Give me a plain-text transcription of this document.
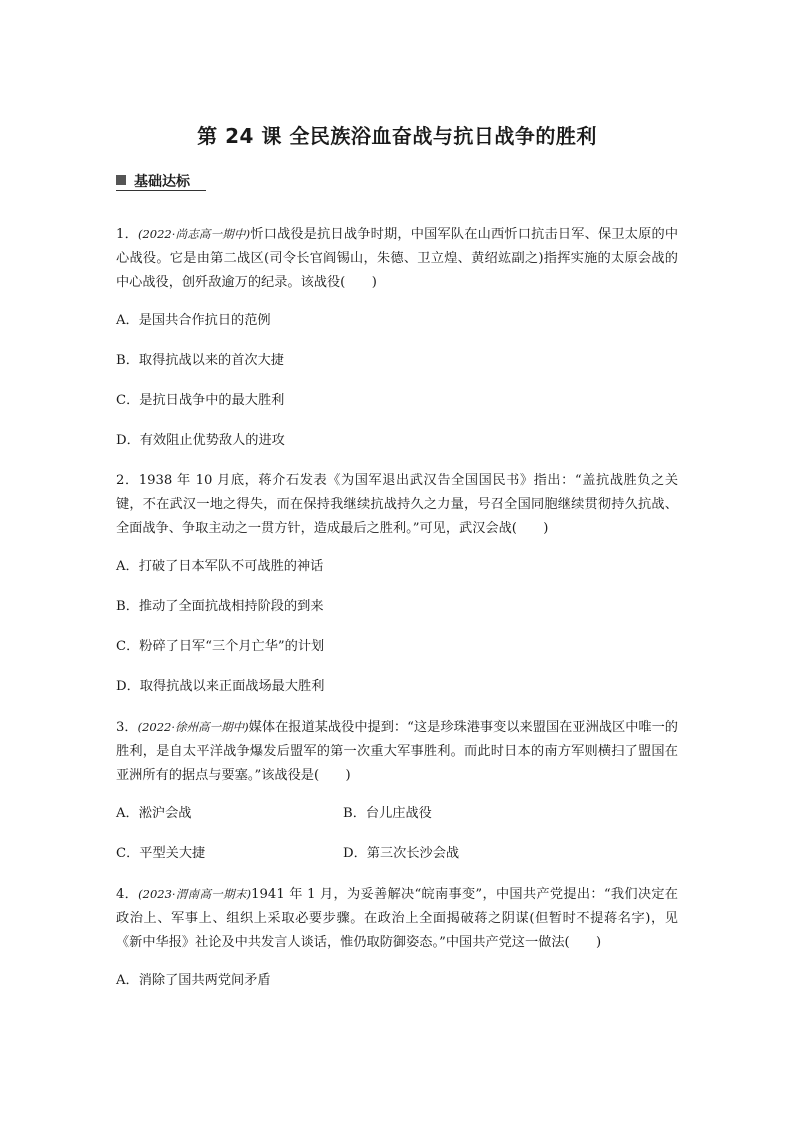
第 24 课 全民族浴血奋战与抗日战争的胜利
基础达标
1．(2022·尚志高一期中)忻口战役是抗日战争时期，中国军队在山西忻口抗击日军、保卫太原的中心战役。它是由第二战区(司令长官阎锡山，朱德、卫立煌、黄绍竑副之)指挥实施的太原会战的中心战役，创歼敌逾万的纪录。该战役(　　)
A．是国共合作抗日的范例
B．取得抗战以来的首次大捷
C．是抗日战争中的最大胜利
D．有效阻止优势敌人的进攻
2．1938 年 10 月底，蒋介石发表《为国军退出武汉告全国国民书》指出：“盖抗战胜负之关键，不在武汉一地之得失，而在保持我继续抗战持久之力量，号召全国同胞继续贯彻持久抗战、全面战争、争取主动之一贯方针，造成最后之胜利。”可见，武汉会战(　　)
A．打破了日本军队不可战胜的神话
B．推动了全面抗战相持阶段的到来
C．粉碎了日军“三个月亡华”的计划
D．取得抗战以来正面战场最大胜利
3．(2022·徐州高一期中)媒体在报道某战役中提到：“这是珍珠港事变以来盟国在亚洲战区中唯一的胜利，是自太平洋战争爆发后盟军的第一次重大军事胜利。而此时日本的南方军则横扫了盟国在亚洲所有的据点与要塞。”该战役是(　　)
A．淞沪会战	B．台儿庄战役
C．平型关大捷	D．第三次长沙会战
4．(2023·渭南高一期末)1941 年 1 月，为妥善解决“皖南事变”，中国共产党提出：“我们决定在政治上、军事上、组织上采取必要步骤。在政治上全面揭破蒋之阴谋(但暂时不提蒋名字)，见《新中华报》社论及中共发言人谈话，惟仍取防御姿态。”中国共产党这一做法(　　)
A．消除了国共两党间矛盾
